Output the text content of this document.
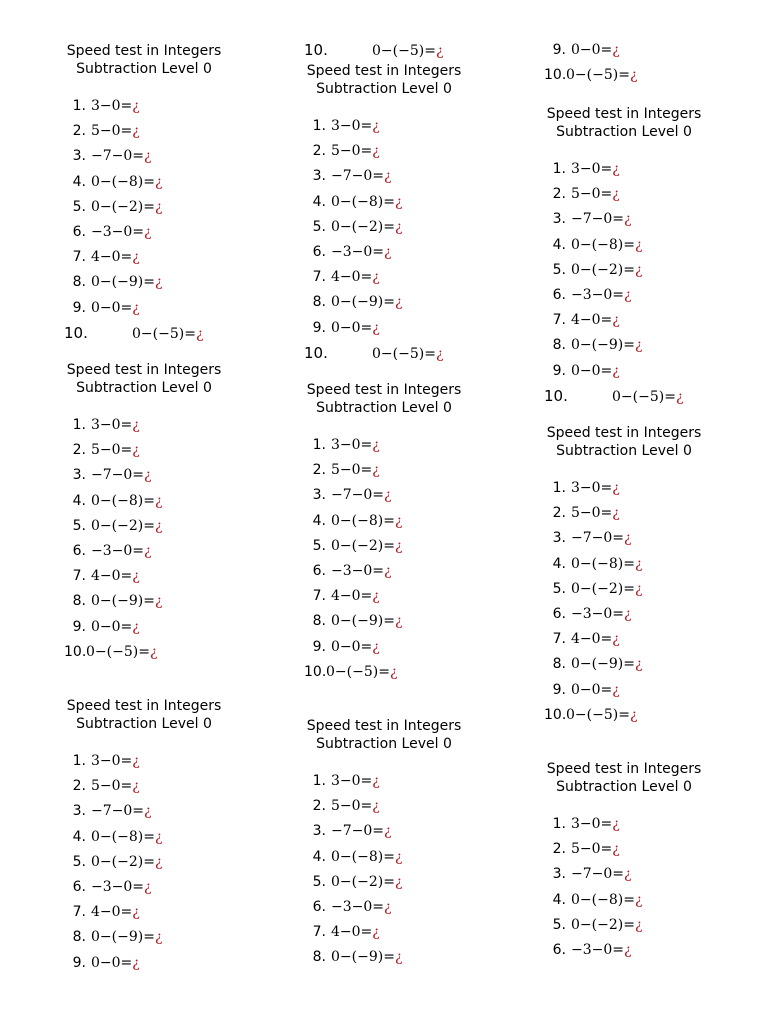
Speed test in Integers
Subtraction Level 0
1. 3−0=¿
2. 5−0=¿
3. −7−0=¿
4. 0−(−8)=¿
5. 0−(−2)=¿
6. −3−0=¿
7. 4−0=¿
8. 0−(−9)=¿
9. 0−0=¿
10.	0−(−5)=¿
Speed test in Integers
Subtraction Level 0
1. 3−0=¿
2. 5−0=¿
3. −7−0=¿
4. 0−(−8)=¿
5. 0−(−2)=¿
6. −3−0=¿
7. 4−0=¿
8. 0−(−9)=¿
9. 0−0=¿
10.0−(−5)=¿
Speed test in Integers
Subtraction Level 0
1. 3−0=¿
2. 5−0=¿
3. −7−0=¿
4. 0−(−8)=¿
5. 0−(−2)=¿
6. −3−0=¿
7. 4−0=¿
8. 0−(−9)=¿
9. 0−0=¿
10.	0−(−5)=¿
Speed test in Integers
Subtraction Level 0
1. 3−0=¿
2. 5−0=¿
3. −7−0=¿
4. 0−(−8)=¿
5. 0−(−2)=¿
6. −3−0=¿
7. 4−0=¿
8. 0−(−9)=¿
9. 0−0=¿
10.	0−(−5)=¿
Speed test in Integers
Subtraction Level 0
1. 3−0=¿
2. 5−0=¿
3. −7−0=¿
4. 0−(−8)=¿
5. 0−(−2)=¿
6. −3−0=¿
7. 4−0=¿
8. 0−(−9)=¿
9. 0−0=¿
10.0−(−5)=¿
Speed test in Integers
Subtraction Level 0
1. 3−0=¿
2. 5−0=¿
3. −7−0=¿
4. 0−(−8)=¿
5. 0−(−2)=¿
6. −3−0=¿
7. 4−0=¿
8. 0−(−9)=¿
9. 0−0=¿
10.0−(−5)=¿
Speed test in Integers
Subtraction Level 0
1. 3−0=¿
2. 5−0=¿
3. −7−0=¿
4. 0−(−8)=¿
5. 0−(−2)=¿
6. −3−0=¿
7. 4−0=¿
8. 0−(−9)=¿
9. 0−0=¿
10.	0−(−5)=¿
Speed test in Integers
Subtraction Level 0
1. 3−0=¿
2. 5−0=¿
3. −7−0=¿
4. 0−(−8)=¿
5. 0−(−2)=¿
6. −3−0=¿
7. 4−0=¿
8. 0−(−9)=¿
9. 0−0=¿
10.0−(−5)=¿
Speed test in Integers
Subtraction Level 0
1. 3−0=¿
2. 5−0=¿
3. −7−0=¿
4. 0−(−8)=¿
5. 0−(−2)=¿
6. −3−0=¿
